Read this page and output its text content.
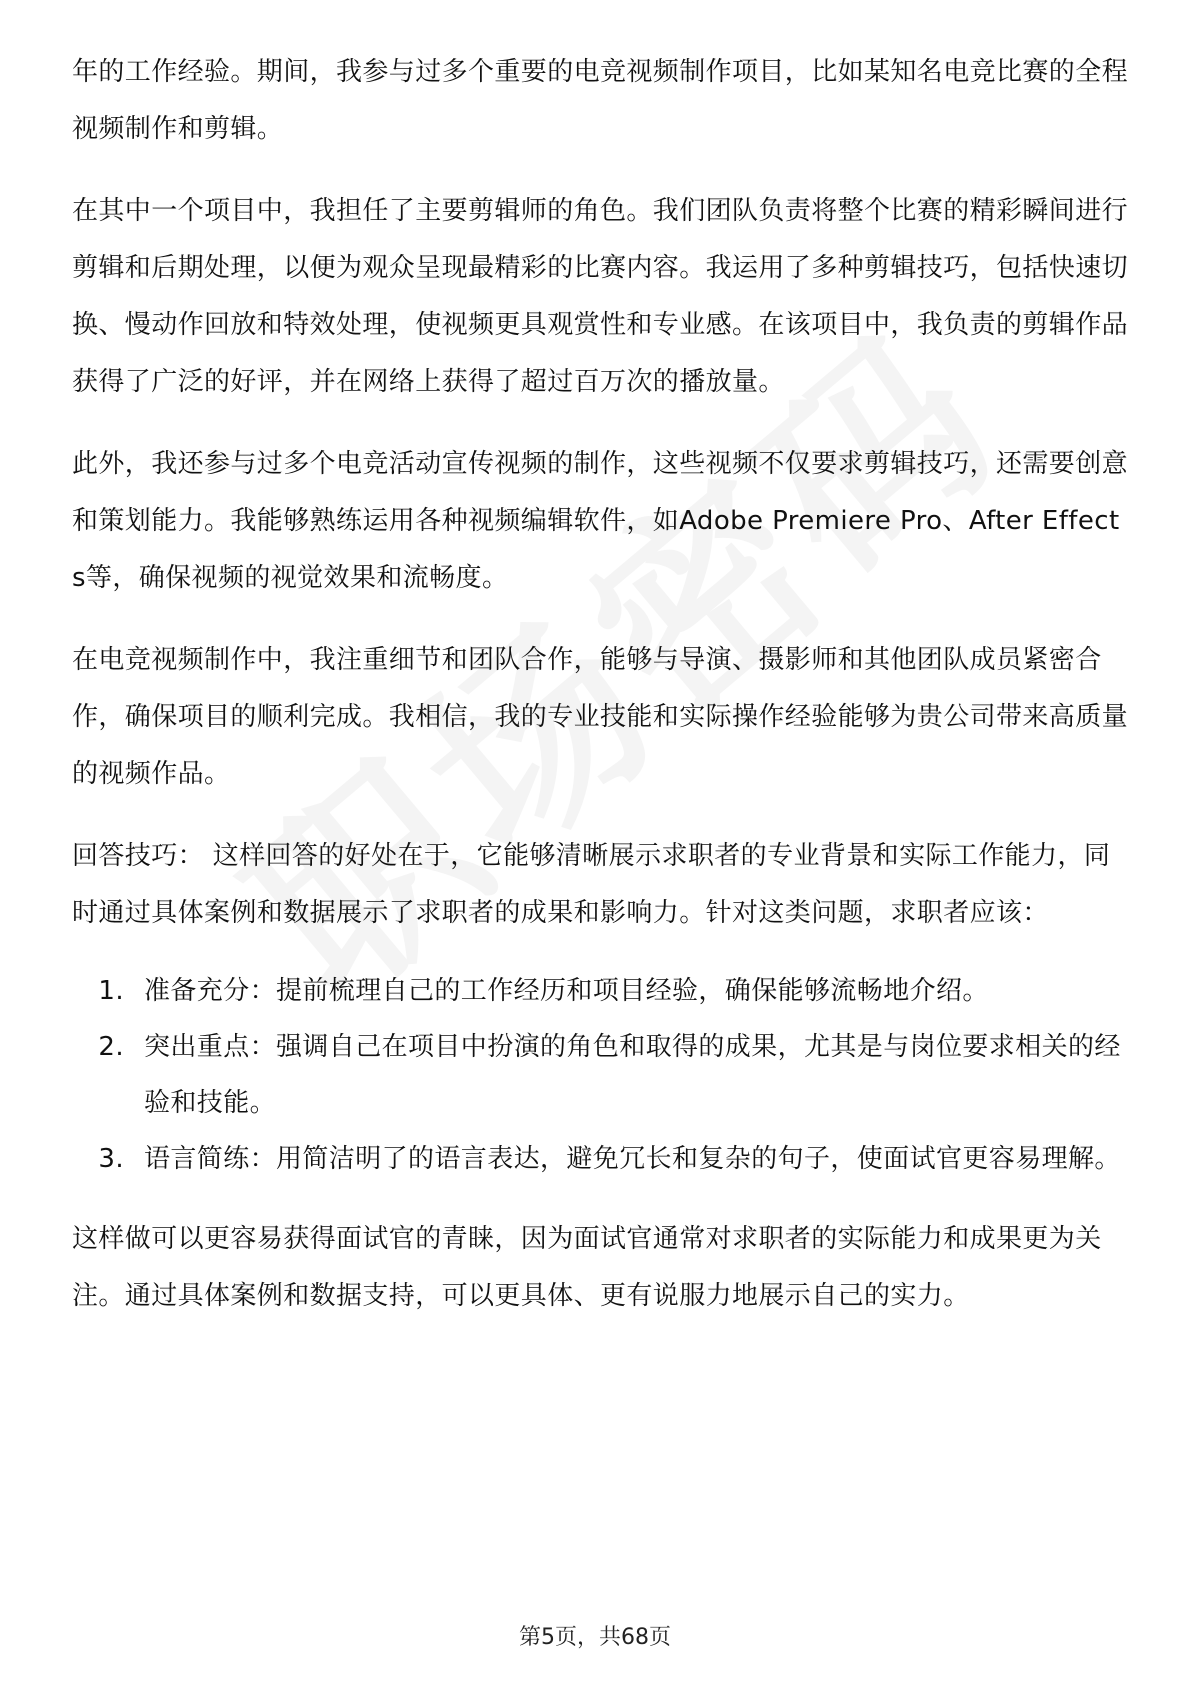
年的工作经验。期间，我参与过多个重要的电竞视频制作项目，比如某知名电竞比赛的全程视频制作和剪辑。

在其中一个项目中，我担任了主要剪辑师的角色。我们团队负责将整个比赛的精彩瞬间进行剪辑和后期处理，以便为观众呈现最精彩的比赛内容。我运用了多种剪辑技巧，包括快速切换、慢动作回放和特效处理，使视频更具观赏性和专业感。在该项目中，我负责的剪辑作品获得了广泛的好评，并在网络上获得了超过百万次的播放量。

此外，我还参与过多个电竞活动宣传视频的制作，这些视频不仅要求剪辑技巧，还需要创意和策划能力。我能够熟练运用各种视频编辑软件，如Adobe Premiere Pro、After Effects等，确保视频的视觉效果和流畅度。

在电竞视频制作中，我注重细节和团队合作，能够与导演、摄影师和其他团队成员紧密合作，确保项目的顺利完成。我相信，我的专业技能和实际操作经验能够为贵公司带来高质量的视频作品。

回答技巧： 这样回答的好处在于，它能够清晰展示求职者的专业背景和实际工作能力，同时通过具体案例和数据展示了求职者的成果和影响力。针对这类问题，求职者应该：

1. 准备充分：提前梳理自己的工作经历和项目经验，确保能够流畅地介绍。
2. 突出重点：强调自己在项目中扮演的角色和取得的成果，尤其是与岗位要求相关的经验和技能。
3. 语言简练：用简洁明了的语言表达，避免冗长和复杂的句子，使面试官更容易理解。

这样做可以更容易获得面试官的青睐，因为面试官通常对求职者的实际能力和成果更为关注。通过具体案例和数据支持，可以更具体、更有说服力地展示自己的实力。

第5页，共68页
